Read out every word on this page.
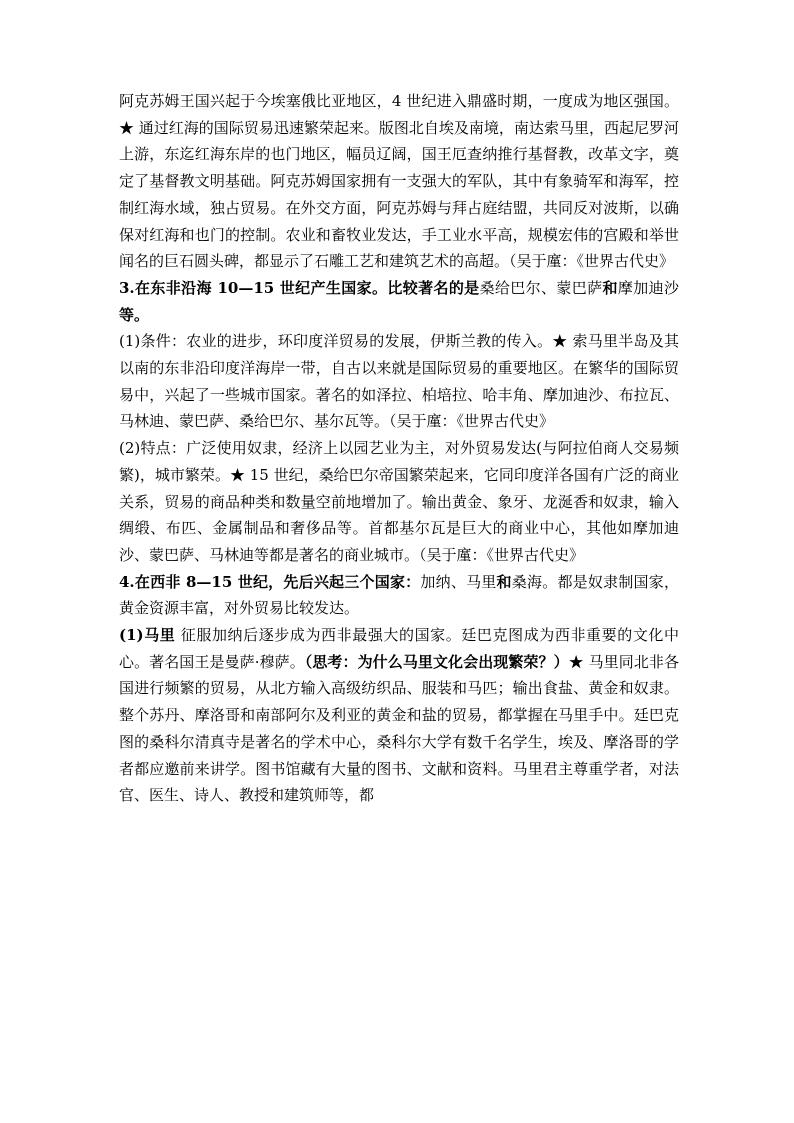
阿克苏姆王国兴起于今埃塞俄比亚地区，4 世纪进入鼎盛时期，一度成为地区强国。★ 通过红海的国际贸易迅速繁荣起来。版图北自埃及南境，南达索马里，西起尼罗河上游，东迄红海东岸的也门地区，幅员辽阔，国王厄查纳推行基督教，改革文字，奠定了基督教文明基础。阿克苏姆国家拥有一支强大的军队，其中有象骑军和海军，控制红海水域，独占贸易。在外交方面，阿克苏姆与拜占庭结盟，共同反对波斯，以确保对红海和也门的控制。农业和畜牧业发达，手工业水平高，规模宏伟的宫殿和举世闻名的巨石圆头碑，都显示了石雕工艺和建筑艺术的高超。（吴于廑：《世界古代史》

3.在东非沿海 10—15 世纪产生国家。比较著名的是桑给巴尔、蒙巴萨和摩加迪沙等。

(1)条件：农业的进步，环印度洋贸易的发展，伊斯兰教的传入。★ 索马里半岛及其以南的东非沿印度洋海岸一带，自古以来就是国际贸易的重要地区。在繁华的国际贸易中，兴起了一些城市国家。著名的如泽拉、柏培拉、哈丰角、摩加迪沙、布拉瓦、马林迪、蒙巴萨、桑给巴尔、基尔瓦等。（吴于廑：《世界古代史》

(2)特点：广泛使用奴隶，经济上以园艺业为主，对外贸易发达(与阿拉伯商人交易频繁)，城市繁荣。★ 15 世纪，桑给巴尔帝国繁荣起来，它同印度洋各国有广泛的商业关系，贸易的商品种类和数量空前地增加了。输出黄金、象牙、龙涎香和奴隶，输入绸缎、布匹、金属制品和奢侈品等。首都基尔瓦是巨大的商业中心，其他如摩加迪沙、蒙巴萨、马林迪等都是著名的商业城市。（吴于廑：《世界古代史》

4.在西非 8—15 世纪，先后兴起三个国家：加纳、马里和桑海。都是奴隶制国家，黄金资源丰富，对外贸易比较发达。

(1)马里 征服加纳后逐步成为西非最强大的国家。廷巴克图成为西非重要的文化中心。著名国王是曼萨·穆萨。（思考：为什么马里文化会出现繁荣？）★ 马里同北非各国进行频繁的贸易，从北方输入高级纺织品、服装和马匹；输出食盐、黄金和奴隶。整个苏丹、摩洛哥和南部阿尔及利亚的黄金和盐的贸易，都掌握在马里手中。廷巴克图的桑科尔清真寺是著名的学术中心，桑科尔大学有数千名学生，埃及、摩洛哥的学者都应邀前来讲学。图书馆藏有大量的图书、文献和资料。马里君主尊重学者，对法官、医生、诗人、教授和建筑师等，都
